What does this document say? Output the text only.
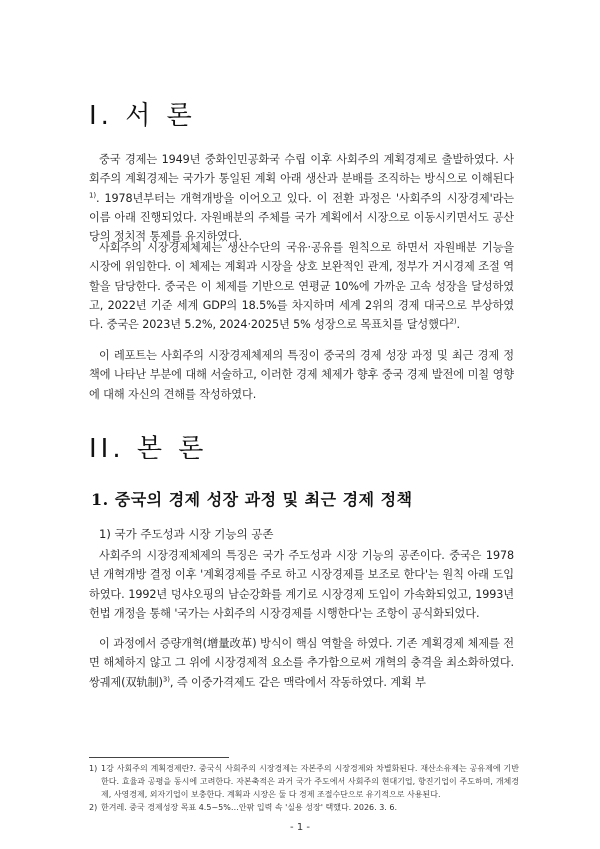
I. 서 론

중국 경제는 1949년 중화인민공화국 수립 이후 사회주의 계획경제로 출발하였다. 사회주의 계획경제는 국가가 통일된 계획 아래 생산과 분배를 조직하는 방식으로 이해된다$^{1)}$. 1978년부터는 개혁개방을 이어오고 있다. 이 전환 과정은 '사회주의 시장경제'라는 이름 아래 진행되었다. 자원배분의 주체를 국가 계획에서 시장으로 이동시키면서도 공산당의 정치적 통제를 유지하였다.

사회주의 시장경제체제는 생산수단의 국유·공유를 원칙으로 하면서 자원배분 기능을 시장에 위임한다. 이 체제는 계획과 시장을 상호 보완적인 관계, 정부가 거시경제 조절 역할을 담당한다. 중국은 이 체제를 기반으로 연평균 10%에 가까운 고속 성장을 달성하였고, 2022년 기준 세계 GDP의 18.5%를 차지하며 세계 2위의 경제 대국으로 부상하였다. 중국은 2023년 5.2%, 2024·2025년 5% 성장으로 목표치를 달성했다$^{2)}$.

이 레포트는 사회주의 시장경제체제의 특징이 중국의 경제 성장 과정 및 최근 경제 정책에 나타난 부분에 대해 서술하고, 이러한 경제 체제가 향후 중국 경제 발전에 미칠 영향에 대해 자신의 견해를 작성하였다.

II. 본 론
1. 중국의 경제 성장 과정 및 최근 경제 정책

1) 국가 주도성과 시장 기능의 공존

사회주의 시장경제체제의 특징은 국가 주도성과 시장 기능의 공존이다. 중국은 1978년 개혁개방 결정 이후 '계획경제를 주로 하고 시장경제를 보조로 한다'는 원칙 아래 도입하였다. 1992년 덩샤오핑의 남순강화를 계기로 시장경제 도입이 가속화되었고, 1993년 헌법 개정을 통해 '국가는 사회주의 시장경제를 시행한다'는 조항이 공식화되었다.

이 과정에서 증량개혁(增量改革) 방식이 핵심 역할을 하였다. 기존 계획경제 체제를 전면 해체하지 않고 그 위에 시장경제적 요소를 추가함으로써 개혁의 충격을 최소화하였다. 쌍궤제(双轨制)$^{3)}$, 즉 이중가격제도 같은 맥락에서 작동하였다. 계획 부

1) 1강 사회주의 계획경제란?. 중국식 사회주의 시장경제는 자본주의 시장경제와 차별화된다. 재산소유제는 공유제에 기반한다. 효율과 공평을 동시에 고려한다. 자본축적은 과거 국가 주도에서 사회주의 현대기업, 향진기업이 주도하며, 개체경제, 사영경제, 외자기업이 보충한다. 계획과 시장은 둘 다 경제 조절수단으로 유기적으로 사용된다.

2) 한겨레. 중국 경제성장 목표 4.5~5%…안팎 입력 속 '실용 성장' 택했다. 2026. 3. 6.

- 1 -
